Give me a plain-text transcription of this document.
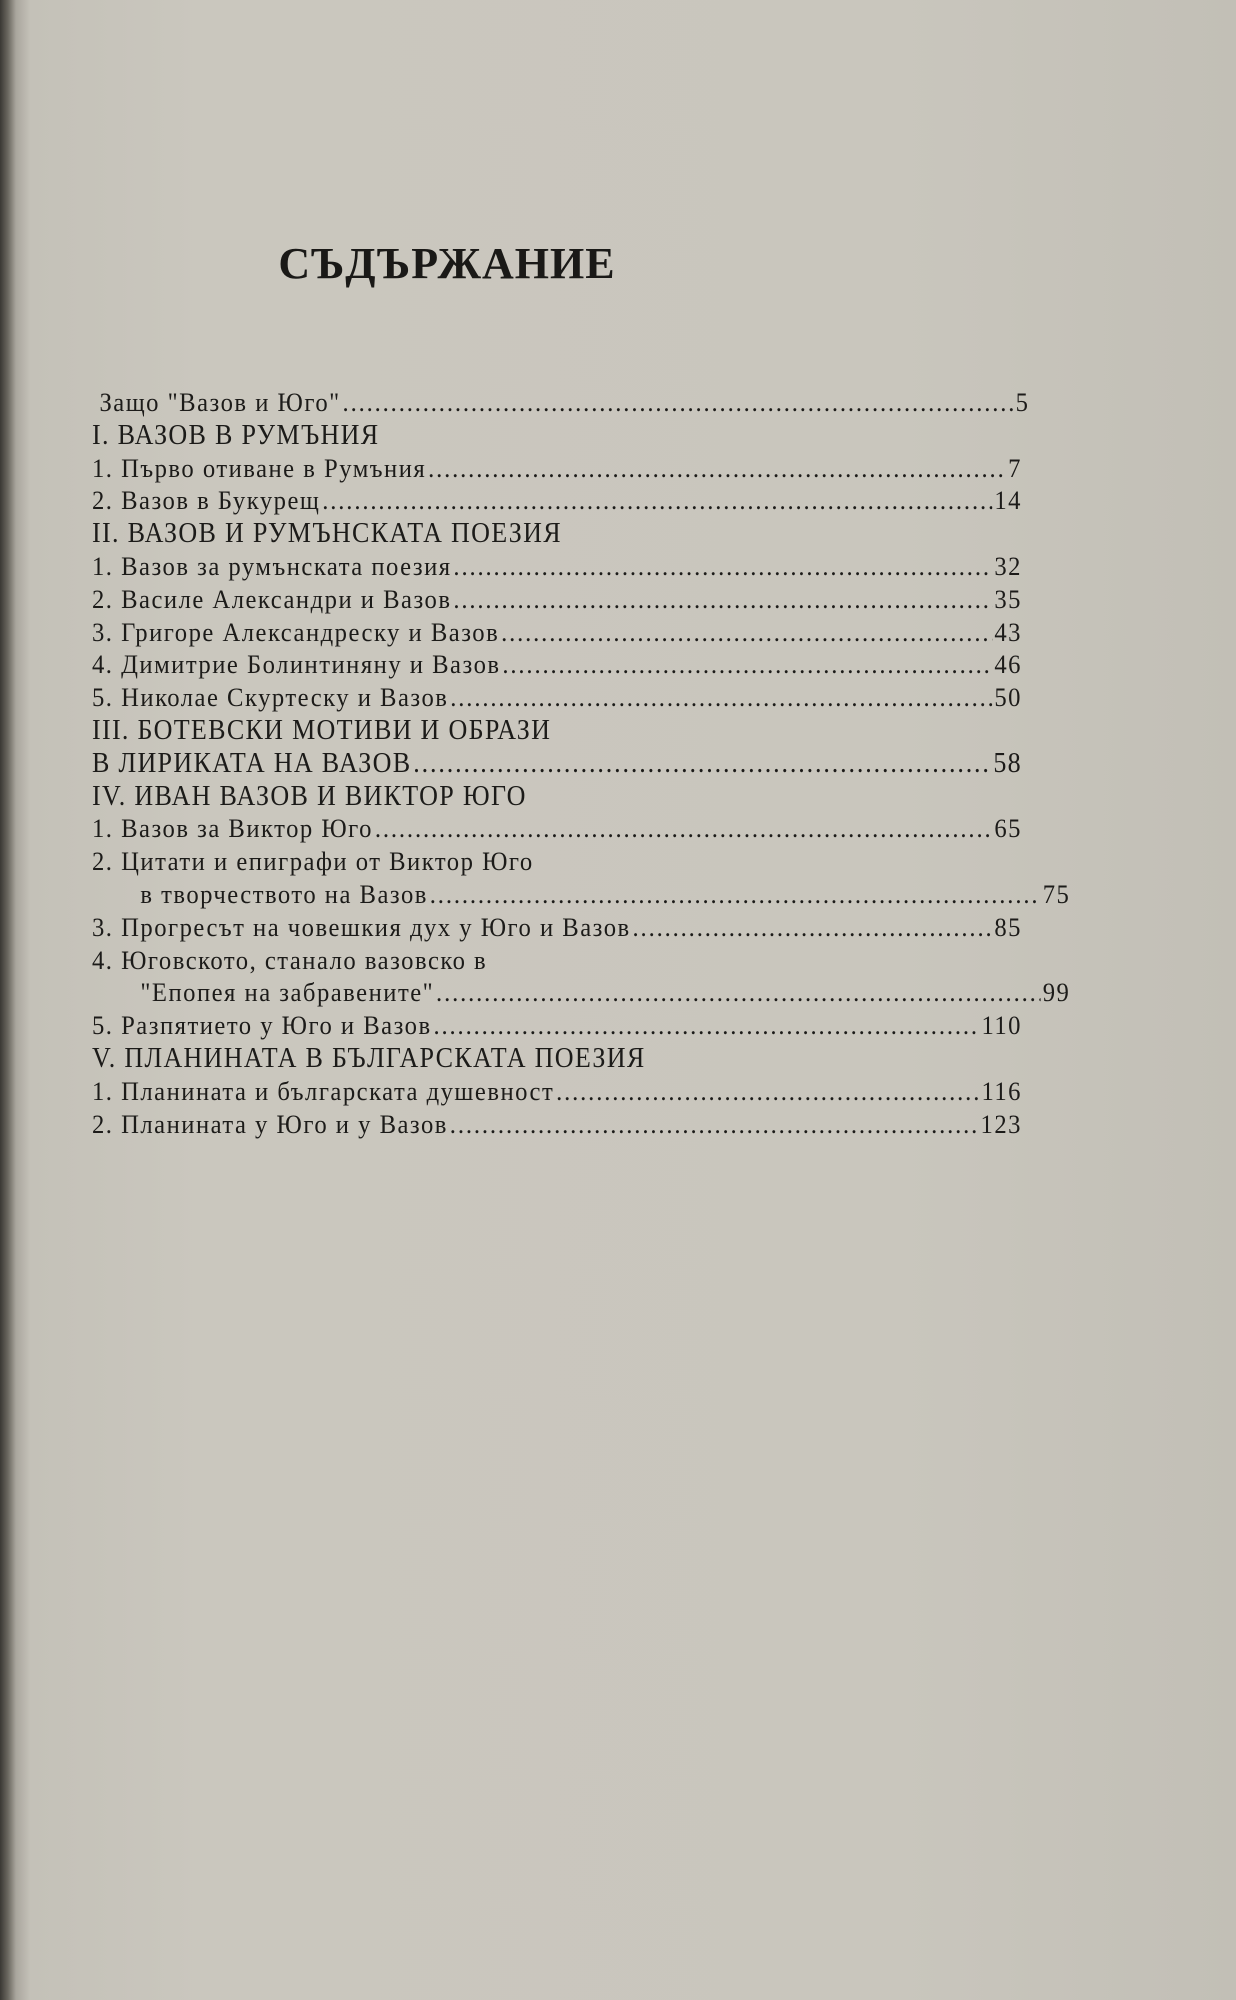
СЪДЪРЖАНИЕ
Защо "Вазов и Юго" .....	5
I. ВАЗОВ В РУМЪНИЯ
1. Първо отиване в Румъния .....	7
2. Вазов в Букурещ .....	14
II. ВАЗОВ И РУМЪНСКАТА ПОЕЗИЯ
1. Вазов за румънската поезия .....	32
2. Василе Александри и Вазов .....	35
3. Григоре Александреску и Вазов .....	43
4. Димитрие Болинтиняну и Вазов .....	46
5. Николае Скуртеску и Вазов .....	50
III. БОТЕВСКИ МОТИВИ И ОБРАЗИ
В ЛИРИКАТА НА ВАЗОВ .....	58
IV. ИВАН ВАЗОВ И ВИКТОР ЮГО
1. Вазов за Виктор Юго .....	65
2. Цитати и епиграфи от Виктор Юго
в творчеството на Вазов .....	75
3. Прогресът на човешкия дух у Юго и Вазов .....	85
4. Юговското, станало вазовско в
"Епопея на забравените" .....	99
5. Разпятието у Юго и Вазов .....	110
V. ПЛАНИНАТА В БЪЛГАРСКАТА ПОЕЗИЯ
1. Планината и българската душевност .....	116
2. Планината у Юго и у Вазов .....	123
